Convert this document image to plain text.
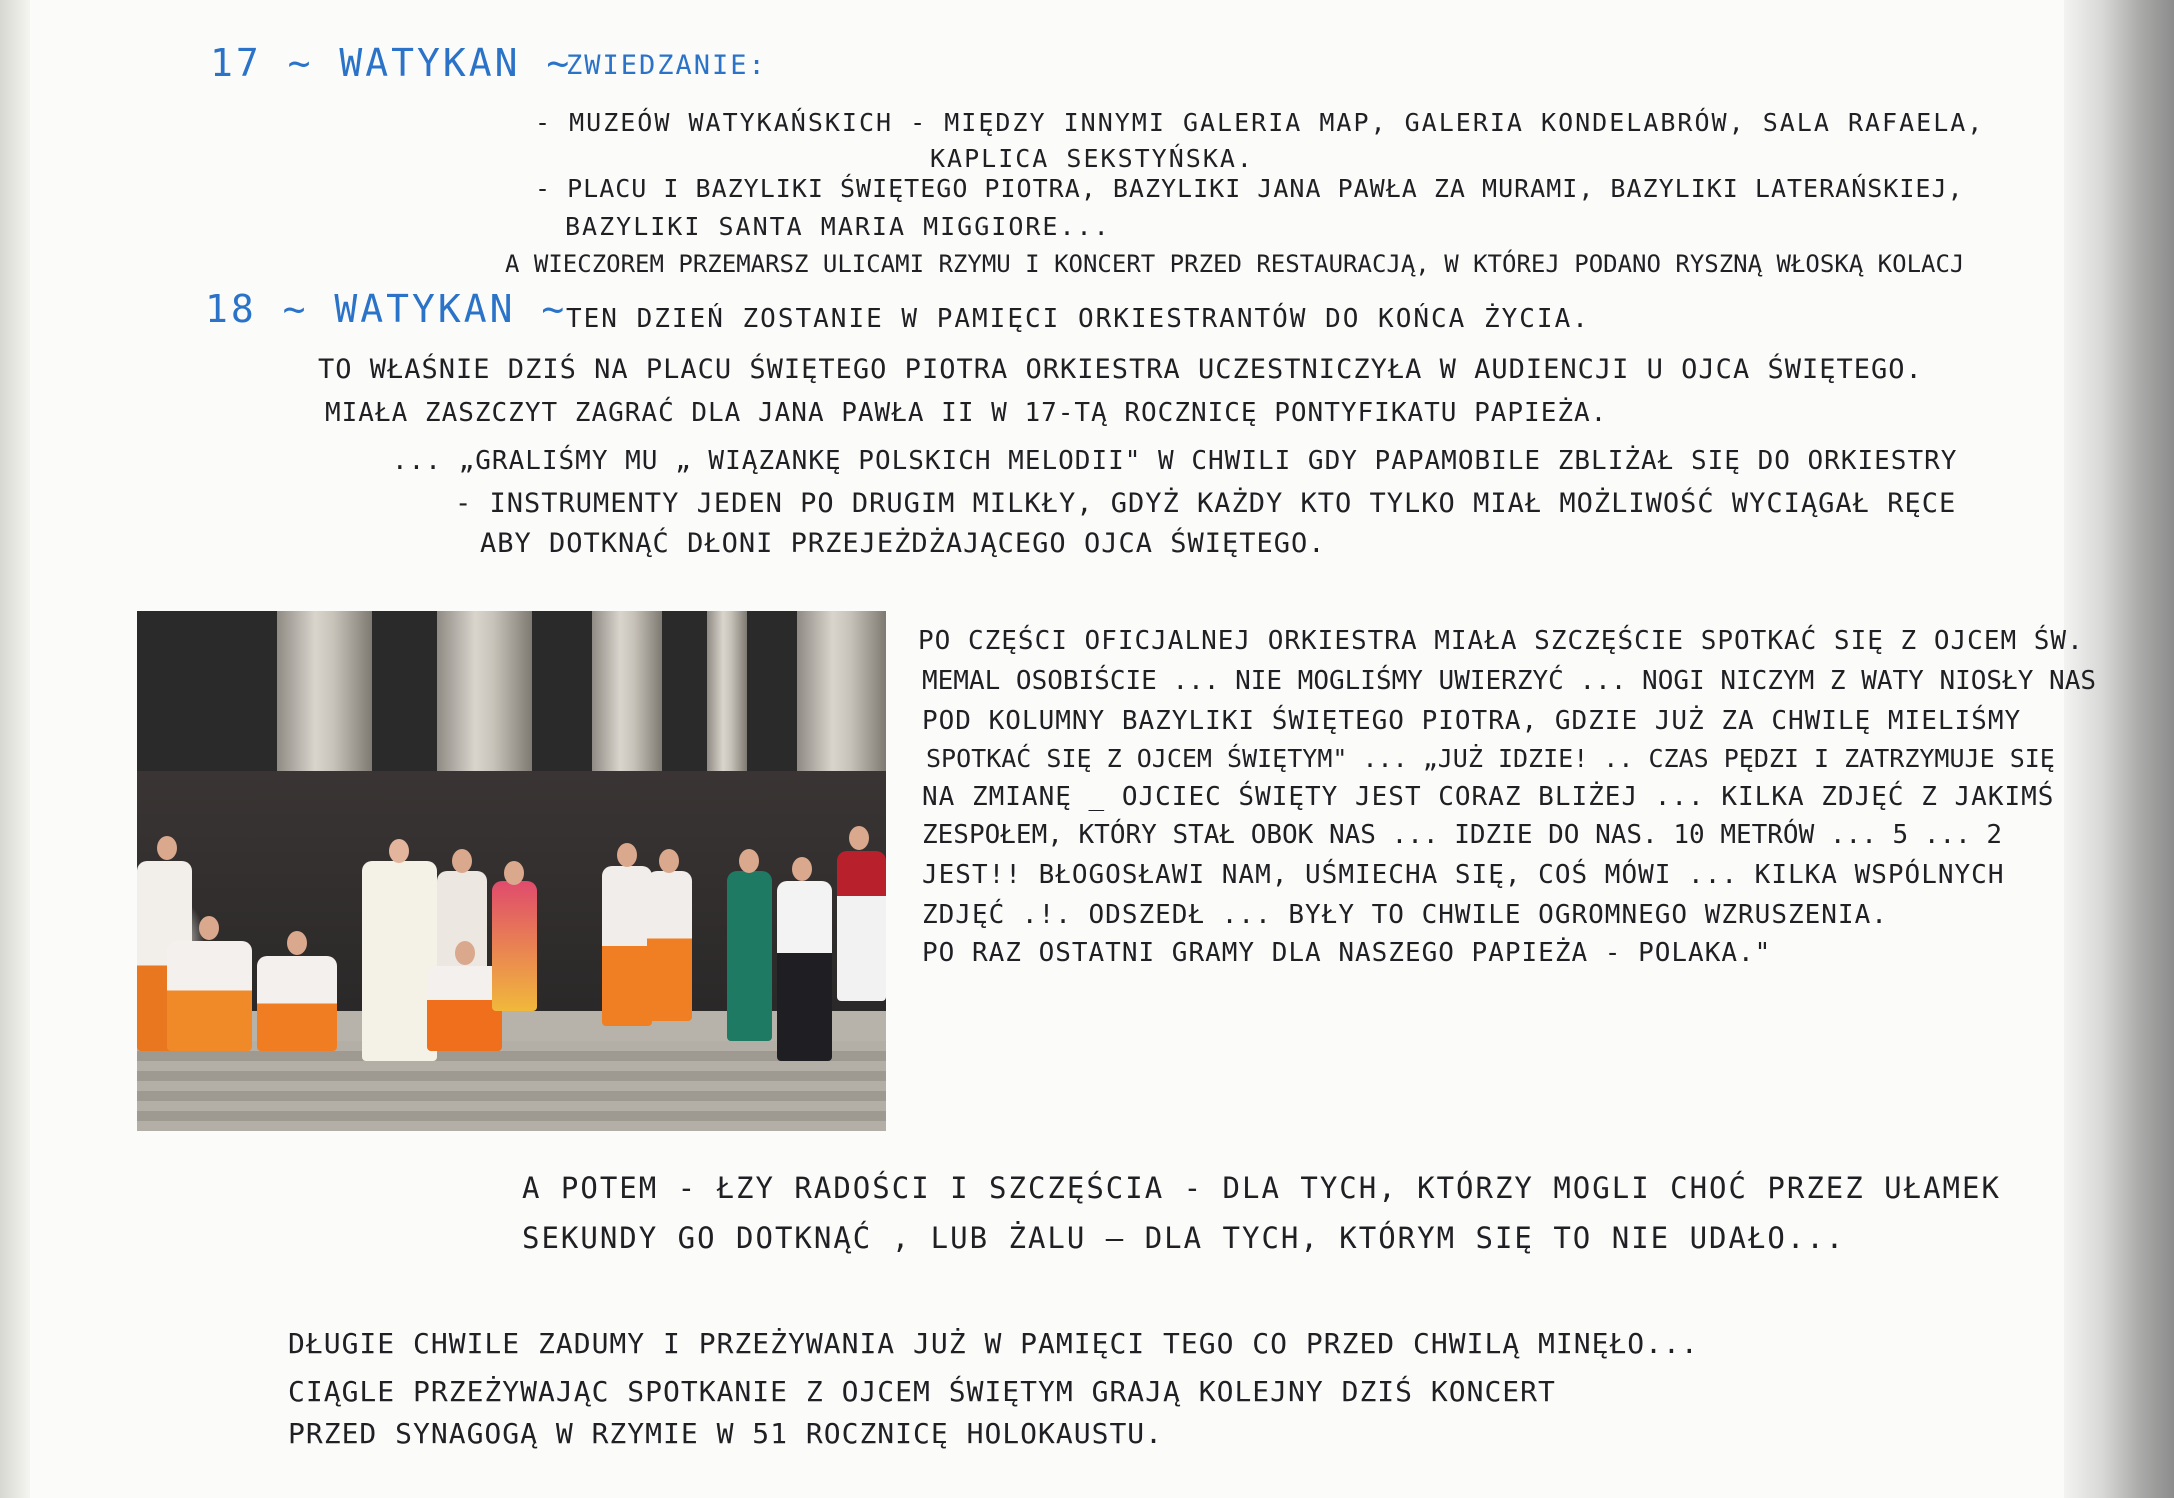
17 ~ WATYKAN ~
ZWIEDZANIE:
- MUZEÓW WATYKAŃSKICH - MIĘDZY INNYMI GALERIA MAP, GALERIA KONDELABRÓW, SALA RAFAELA,
KAPLICA SEKSTYŃSKA.
- PLACU I BAZYLIKI ŚWIĘTEGO PIOTRA, BAZYLIKI JANA PAWŁA ZA MURAMI, BAZYLIKI LATERAŃSKIEJ,
BAZYLIKI SANTA MARIA MIGGIORE...
A WIECZOREM PRZEMARSZ ULICAMI RZYMU I KONCERT PRZED RESTAURACJĄ, W KTÓREJ PODANO RYSZNĄ WŁOSKĄ KOLACJ
18 ~ WATYKAN ~
TEN DZIEŃ ZOSTANIE W PAMIĘCI ORKIESTRANTÓW DO KOŃCA ŻYCIA.
TO WŁAŚNIE DZIŚ NA PLACU ŚWIĘTEGO PIOTRA ORKIESTRA UCZESTNICZYŁA W AUDIENCJI U OJCA ŚWIĘTEGO.
MIAŁA ZASZCZYT ZAGRAĆ DLA JANA PAWŁA II W 17-TĄ ROCZNICĘ PONTYFIKATU PAPIEŻA.
... „GRALIŚMY MU „ WIĄZANKĘ POLSKICH MELODII" W CHWILI GDY PAPAMOBILE ZBLIŻAŁ SIĘ DO ORKIESTRY
- INSTRUMENTY JEDEN PO DRUGIM MILKŁY, GDYŻ KAŻDY KTO TYLKO MIAŁ MOŻLIWOŚĆ WYCIĄGAŁ RĘCE
ABY DOTKNĄĆ DŁONI PRZEJEŻDŻAJĄCEGO OJCA ŚWIĘTEGO.
PO CZĘŚCI OFICJALNEJ ORKIESTRA MIAŁA SZCZĘŚCIE SPOTKAĆ SIĘ Z OJCEM ŚW.
MEMAL OSOBIŚCIE ... NIE MOGLIŚMY UWIERZYĆ ... NOGI NICZYM Z WATY NIOSŁY NAS
POD KOLUMNY BAZYLIKI ŚWIĘTEGO PIOTRA, GDZIE JUŻ ZA CHWILĘ MIELIŚMY
SPOTKAĆ SIĘ Z OJCEM ŚWIĘTYM" ... „JUŻ IDZIE! .. CZAS PĘDZI I ZATRZYMUJE SIĘ
NA ZMIANĘ _ OJCIEC ŚWIĘTY JEST CORAZ BLIŻEJ ... KILKA ZDJĘĆ Z JAKIMŚ
ZESPOŁEM, KTÓRY STAŁ OBOK NAS ... IDZIE DO NAS. 10 METRÓW ... 5 ... 2
JEST!! BŁOGOSŁAWI NAM, UŚMIECHA SIĘ, COŚ MÓWI ... KILKA WSPÓLNYCH
ZDJĘĆ .!. ODSZEDŁ ... BYŁY TO CHWILE OGROMNEGO WZRUSZENIA.
PO RAZ OSTATNI GRAMY DLA NASZEGO PAPIEŻA - POLAKA."
A POTEM - ŁZY RADOŚCI I SZCZĘŚCIA - DLA TYCH, KTÓRZY MOGLI CHOĆ PRZEZ UŁAMEK
SEKUNDY GO DOTKNĄĆ , LUB ŻALU — DLA TYCH, KTÓRYM SIĘ TO NIE UDAŁO...
DŁUGIE CHWILE ZADUMY I PRZEŻYWANIA JUŻ W PAMIĘCI TEGO CO PRZED CHWILĄ MINĘŁO...
CIĄGLE PRZEŻYWAJĄC SPOTKANIE Z OJCEM ŚWIĘTYM GRAJĄ KOLEJNY DZIŚ KONCERT
PRZED SYNAGOGĄ W RZYMIE W 51 ROCZNICĘ HOLOKAUSTU.
